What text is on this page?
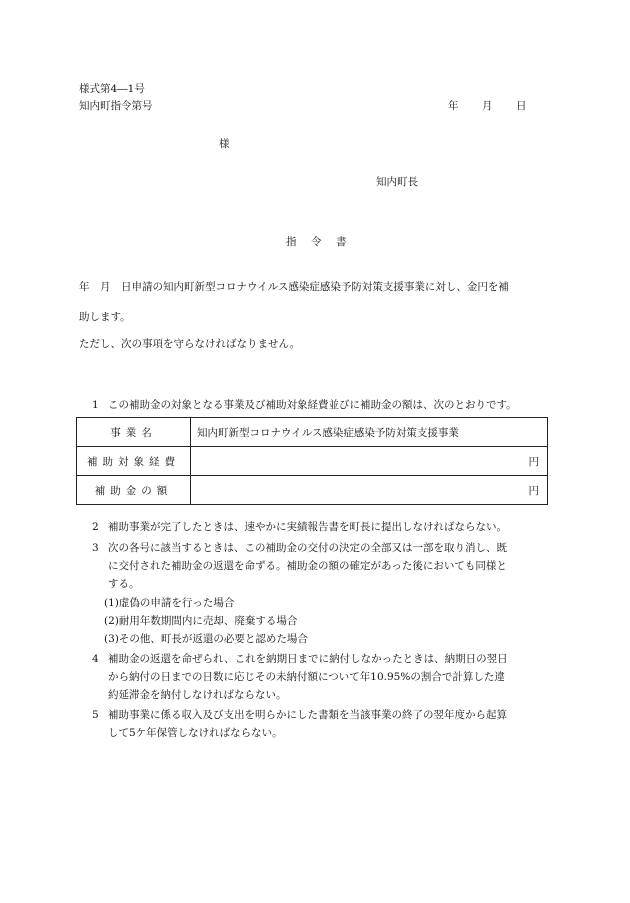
様式第4―1号
知内町指令第号	年 月 日
様
知内町長
指　令　書
年　月　日申請の知内町新型コロナウイルス感染症感染予防対策支援事業に対し、金円を補
助します。
ただし、次の事項を守らなければなりません。
1 この補助金の対象となる事業及び補助対象経費並びに補助金の額は、次のとおりです。
事業名	知内町新型コロナウイルス感染症感染予防対策支援事業
補助対象経費	円
補助金の額	円
2 補助事業が完了したときは、速やかに実績報告書を町長に提出しなければならない。
3 次の各号に該当するときは、この補助金の交付の決定の全部又は一部を取り消し、既
に交付された補助金の返還を命ずる。補助金の額の確定があった後においても同様と
する。
(1)虚偽の申請を行った場合
(2)耐用年数期間内に売却、廃棄する場合
(3)その他、町長が返還の必要と認めた場合
4 補助金の返還を命ぜられ、これを納期日までに納付しなかったときは、納期日の翌日
から納付の日までの日数に応じその未納付額について年10.95%の割合で計算した違
約延滞金を納付しなければならない。
5 補助事業に係る収入及び支出を明らかにした書類を当該事業の終了の翌年度から起算
して5ケ年保管しなければならない。
